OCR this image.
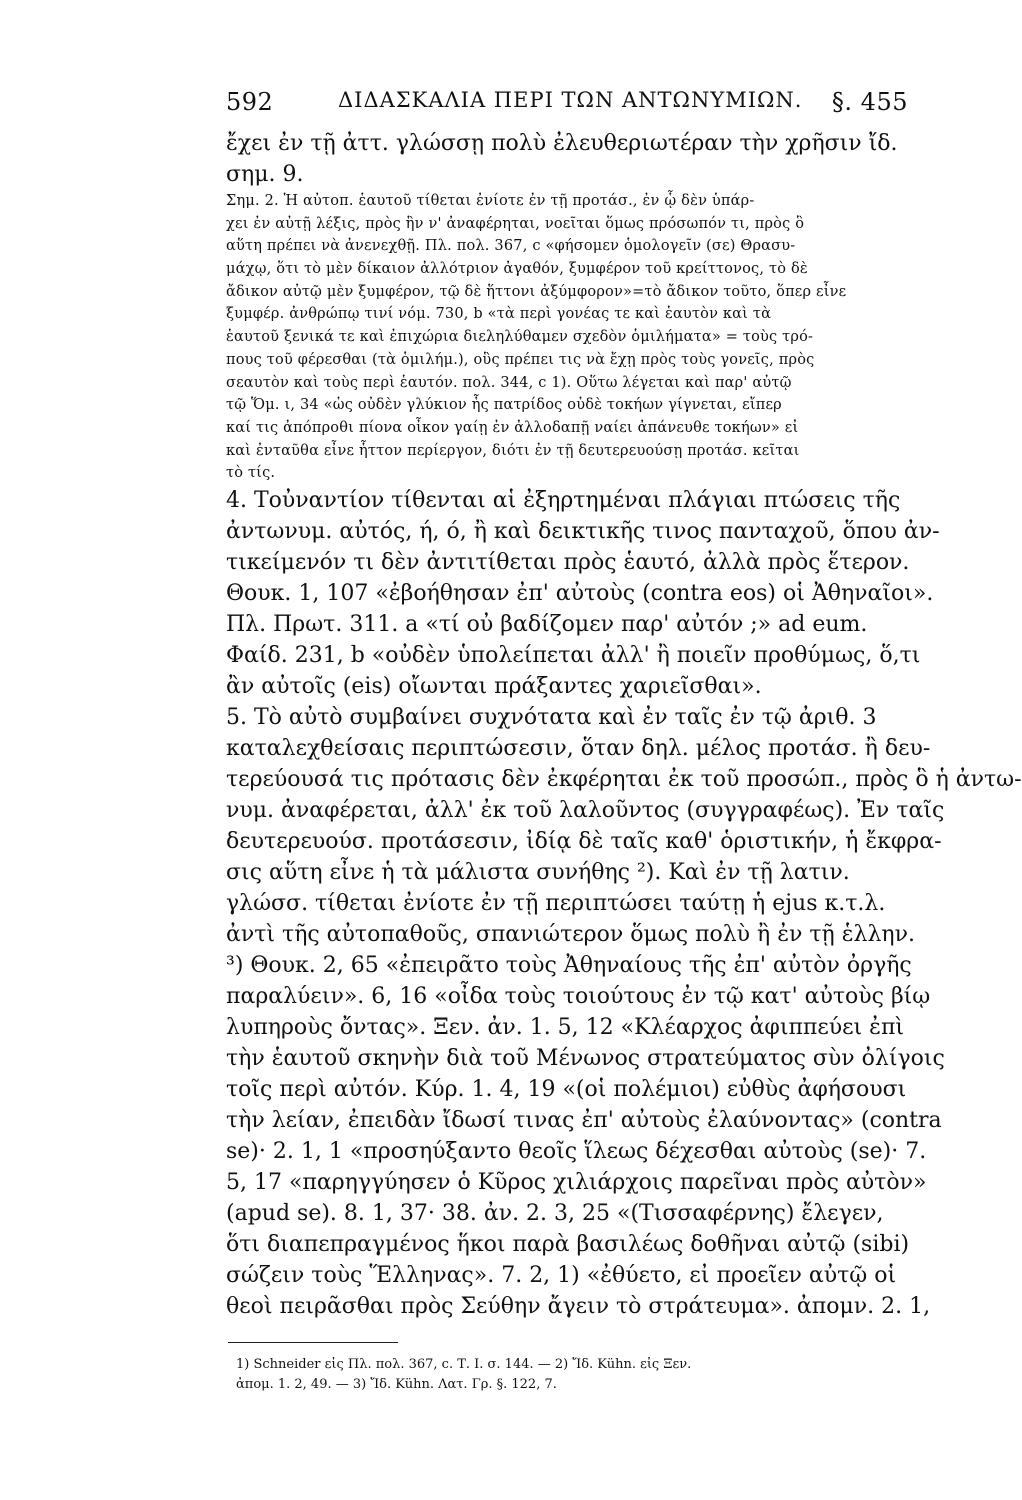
592	ΔΙΔΑΣΚΑΛΙΑ ΠΕΡΙ ΤΩΝ ΑΝΤΩΝΥΜΙΩΝ. §. 455
ἔχει ἐν τῇ ἀττ. γλώσσῃ πολὺ ἐλευθεριωτέραν τὴν χρῆσιν ἴδ.
σημ. 9.
Σημ. 2. Ἡ αὐτοπ. ἑαυτοῦ τίθεται ἐνίοτε ἐν τῇ προτάσ., ἐν ᾧ δὲν ὑπάρ-
χει ἐν αὐτῇ λέξις, πρὸς ἣν ν' ἀναφέρηται, νοεῖται ὅμως πρόσωπόν τι, πρὸς ὃ
αὕτη πρέπει νὰ ἀνενεχθῇ. Πλ. πολ. 367, c «φήσομεν ὁμολογεῖν (σε) Θρασυ-
μάχῳ, ὅτι τὸ μὲν δίκαιον ἀλλότριον ἀγαθόν, ξυμφέρον τοῦ κρείττονος, τὸ δὲ
ἄδικον αὐτῷ μὲν ξυμφέρον, τῷ δὲ ἥττονι ἀξύμφορον»=τὸ ἄδικον τοῦτο, ὅπερ εἶνε
ξυμφέρ. ἀνθρώπῳ τινί νόμ. 730, b «τὰ περὶ γονέας τε καὶ ἑαυτὸν καὶ τὰ
ἑαυτοῦ ξενικά τε καὶ ἐπιχώρια διεληλύθαμεν σχεδὸν ὁμιλήματα» = τοὺς τρό-
πους τοῦ φέρεσθαι (τὰ ὁμιλήμ.), οὓς πρέπει τις νὰ ἔχῃ πρὸς τοὺς γονεῖς, πρὸς
σεαυτὸν καὶ τοὺς περὶ ἑαυτόν. πολ. 344, c 1). Οὕτω λέγεται καὶ παρ' αὐτῷ
τῷ Ὅμ. ι, 34 «ὡς οὐδὲν γλύκιον ἧς πατρίδος οὐδὲ τοκήων γίγνεται, εἴπερ
καί τις ἀπόπροθι πίονα οἶκον γαίῃ ἐν ἀλλοδαπῇ ναίει ἀπάνευθε τοκήων» εἰ
καὶ ἐνταῦθα εἶνε ἧττον περίεργον, διότι ἐν τῇ δευτερευούσῃ προτάσ. κεῖται
τὸ τίς.
4. Τοὐναντίον τίθενται αἱ ἐξηρτημέναι πλάγιαι πτώσεις τῆς
ἀντωνυμ. αὐτός, ή, ό, ἢ καὶ δεικτικῆς τινος πανταχοῦ, ὅπου ἀν-
τικείμενόν τι δὲν ἀντιτίθεται πρὸς ἑαυτό, ἀλλὰ πρὸς ἕτερον.
Θουκ. 1, 107 «ἐβοήθησαν ἐπ' αὐτοὺς (contra eos) οἱ Ἀθηναῖοι».
Πλ. Πρωτ. 311. a «τί οὐ βαδίζομεν παρ' αὐτόν ;» ad eum.
Φαίδ. 231, b «οὐδὲν ὑπολείπεται ἀλλ' ἢ ποιεῖν προθύμως, ὅ,τι
ἂν αὐτοῖς (eis) οἴωνται πράξαντες χαριεῖσθαι».
5. Τὸ αὐτὸ συμβαίνει συχνότατα καὶ ἐν ταῖς ἐν τῷ ἀριθ. 3
καταλεχθείσαις περιπτώσεσιν, ὅταν δηλ. μέλος προτάσ. ἢ δευ-
τερεύουσά τις πρότασις δὲν ἐκφέρηται ἐκ τοῦ προσώπ., πρὸς ὃ ἡ ἀντω-
νυμ. ἀναφέρεται, ἀλλ' ἐκ τοῦ λαλοῦντος (συγγραφέως). Ἐν ταῖς
δευτερευούσ. προτάσεσιν, ἰδίᾳ δὲ ταῖς καθ' ὁριστικήν, ἡ ἔκφρα-
σις αὕτη εἶνε ἡ τὰ μάλιστα συνήθης ²). Καὶ ἐν τῇ λατιν.
γλώσσ. τίθεται ἐνίοτε ἐν τῇ περιπτώσει ταύτῃ ἡ ejus κ.τ.λ.
ἀντὶ τῆς αὐτοπαθοῦς, σπανιώτερον ὅμως πολὺ ἢ ἐν τῇ ἑλλην.
³) Θουκ. 2, 65 «ἐπειρᾶτο τοὺς Ἀθηναίους τῆς ἐπ' αὐτὸν ὀργῆς
παραλύειν». 6, 16 «οἶδα τοὺς τοιούτους ἐν τῷ κατ' αὐτοὺς βίῳ
λυπηροὺς ὄντας». Ξεν. ἀν. 1. 5, 12 «Κλέαρχος ἀφιππεύει ἐπὶ
τὴν ἑαυτοῦ σκηνὴν διὰ τοῦ Μένωνος στρατεύματος σὺν ὀλίγοις
τοῖς περὶ αὐτόν. Κύρ. 1. 4, 19 «(οἱ πολέμιοι) εὐθὺς ἀφήσουσι
τὴν λείαν, ἐπειδὰν ἴδωσί τινας ἐπ' αὐτοὺς ἐλαύνοντας» (contra
se)· 2. 1, 1 «προσηύξαντο θεοῖς ἵλεως δέχεσθαι αὐτοὺς (se)· 7.
5, 17 «παρηγγύησεν ὁ Κῦρος χιλιάρχοις παρεῖναι πρὸς αὐτὸν»
(apud se). 8. 1, 37· 38. ἀν. 2. 3, 25 «(Τισσαφέρνης) ἔλεγεν,
ὅτι διαπεπραγμένος ἥκοι παρὰ βασιλέως δοθῆναι αὐτῷ (sibi)
σώζειν τοὺς Ἕλληνας». 7. 2, 1) «ἐθύετο, εἰ προεῖεν αὐτῷ οἱ
θεοὶ πειρᾶσθαι πρὸς Σεύθην ἄγειν τὸ στράτευμα». ἀπομν. 2. 1,
1) Schneider εἰς Πλ. πολ. 367, c. Τ. Ι. σ. 144. — 2) Ἴδ. Kühn. εἰς Ξεν.
ἀπομ. 1. 2, 49. — 3) Ἴδ. Kühn. Λατ. Γρ. §. 122, 7.
